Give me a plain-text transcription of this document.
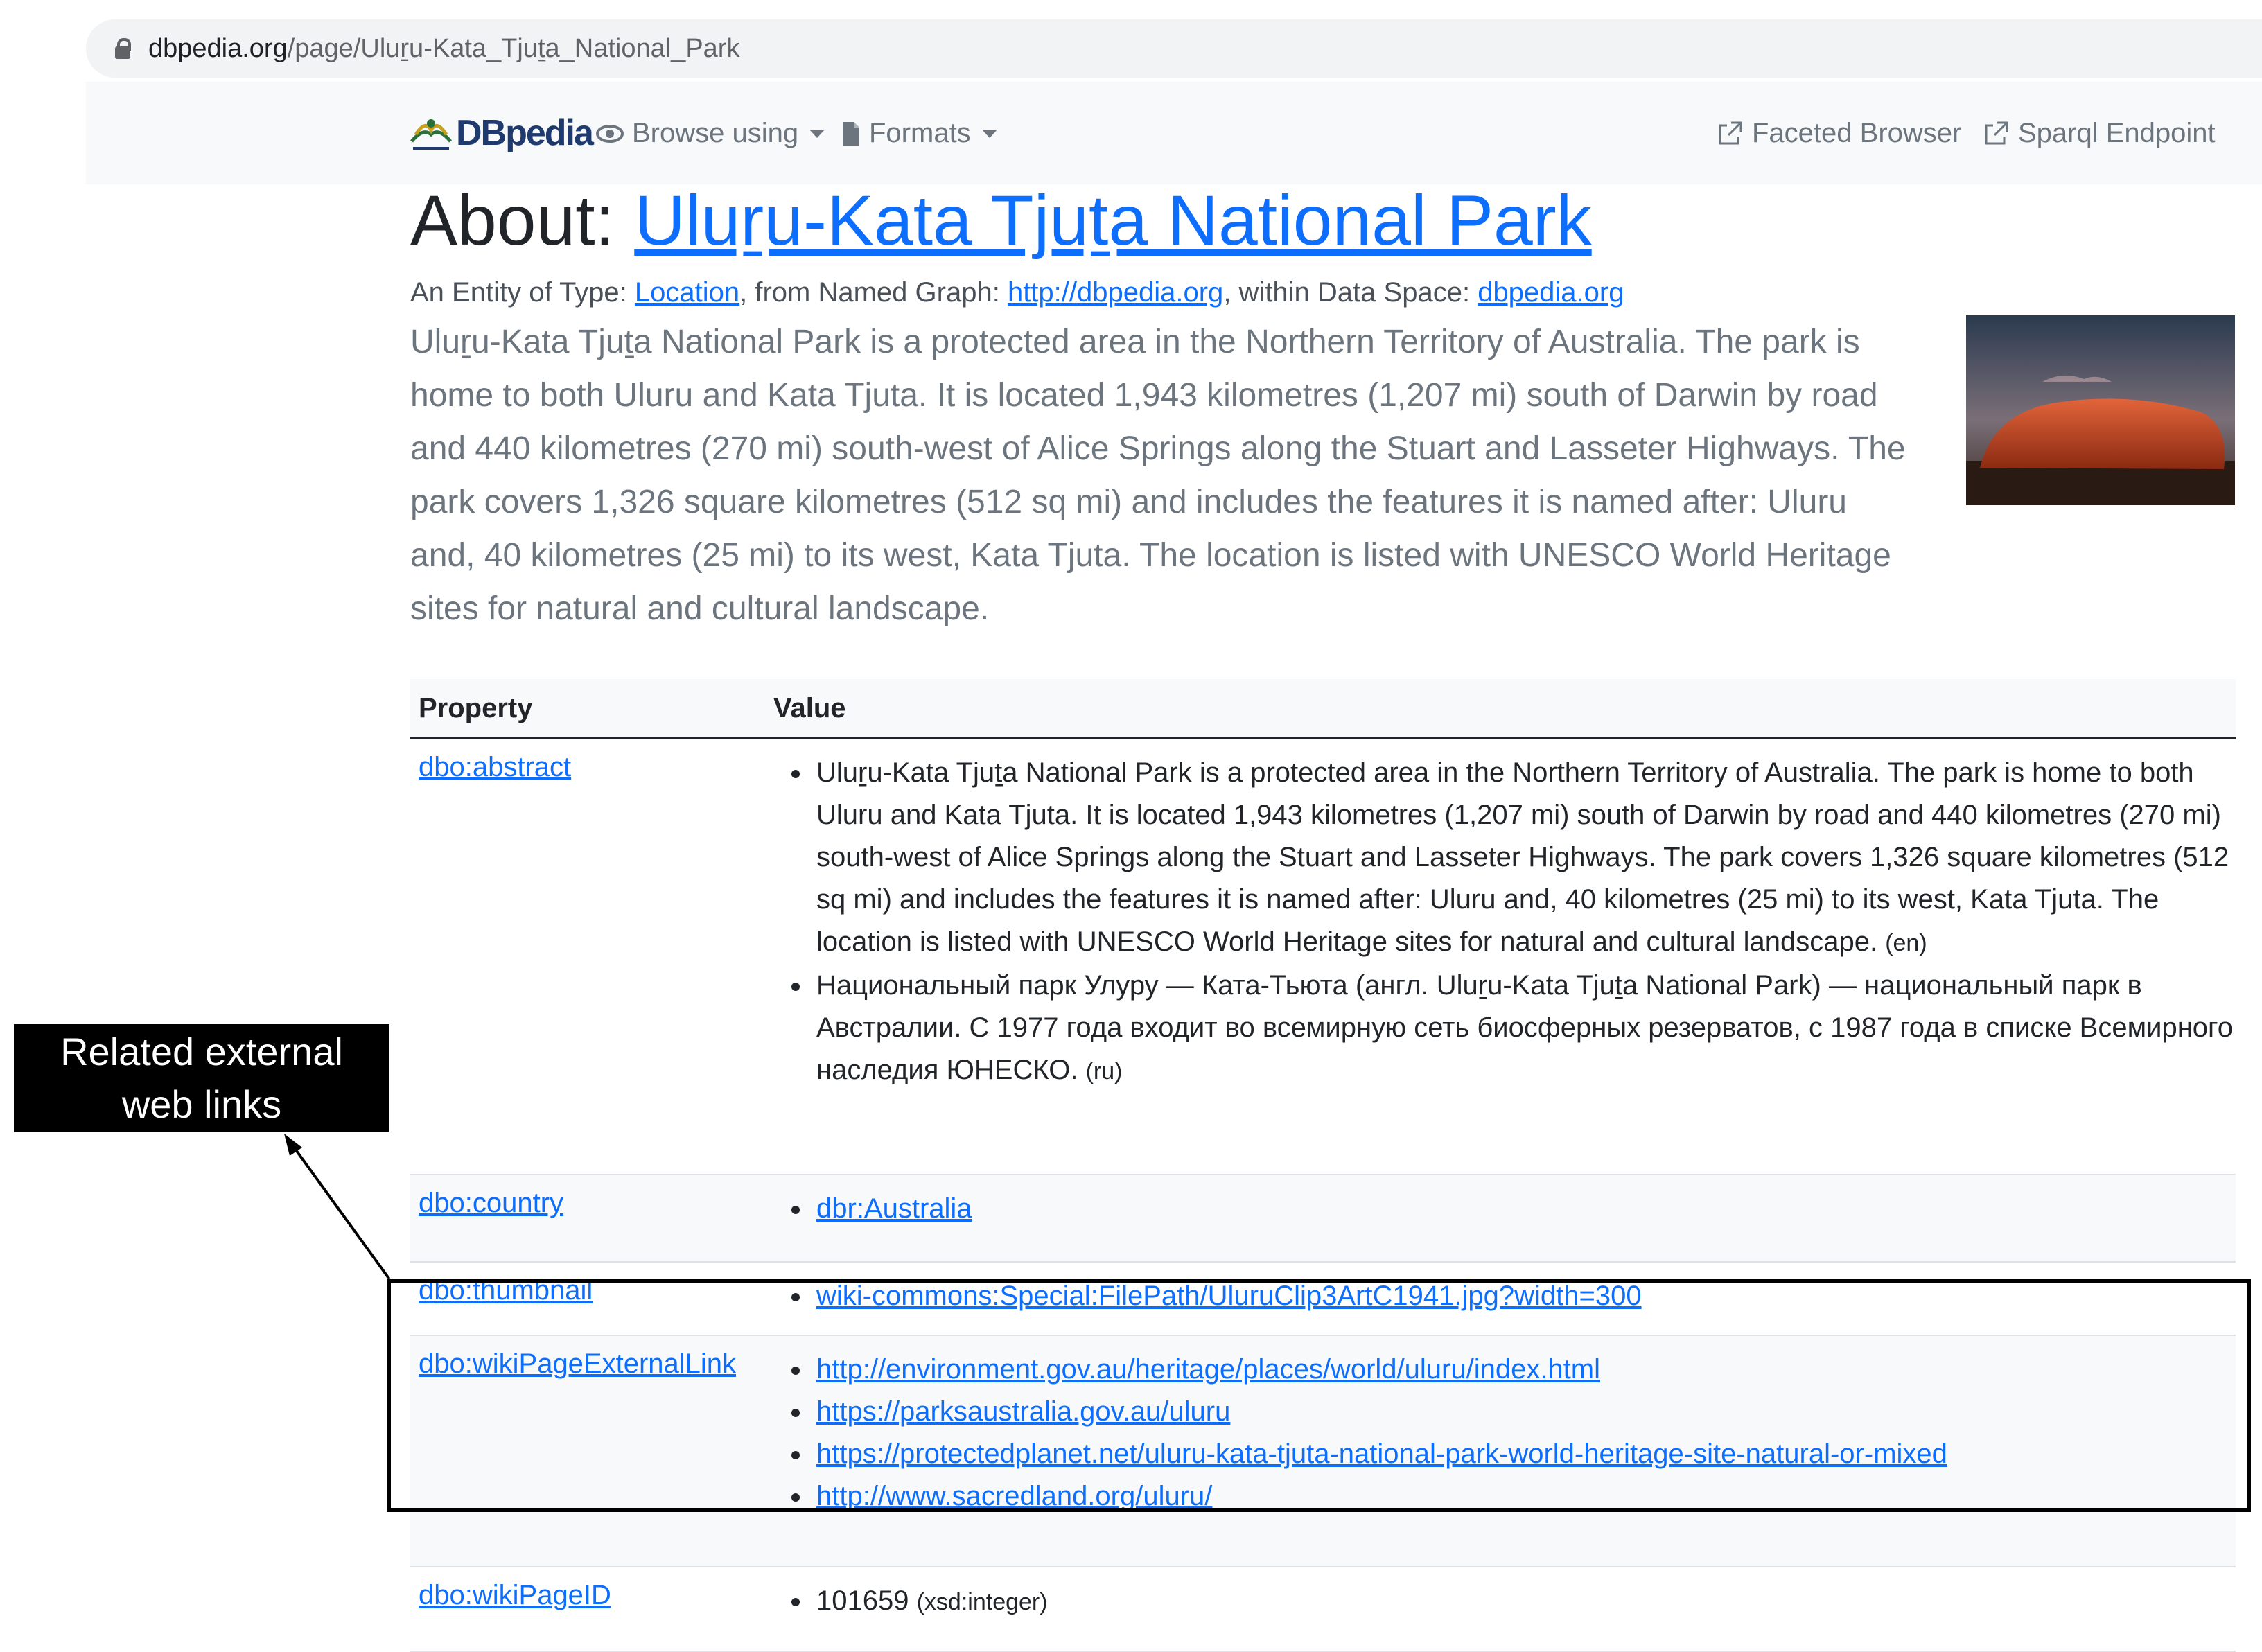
dbpedia.org/page/Uluṟu-Kata_Tjuṯa_National_Park
DBpedia Browse using	Formats	Faceted Browser Sparql Endpoint
About: Uluṟu-Kata Tjuṯa National Park
An Entity of Type: Location, from Named Graph: http://dbpedia.org, within Data Space: dbpedia.org
Uluṟu-Kata Tjuṯa National Park is a protected area in the Northern Territory of Australia. The park is home to both Uluru and Kata Tjuta. It is located 1,943 kilometres (1,207 mi) south of Darwin by road and 440 kilometres (270 mi) south-west of Alice Springs along the Stuart and Lasseter Highways. The park covers 1,326 square kilometres (512 sq mi) and includes the features it is named after: Uluru and, 40 kilometres (25 mi) to its west, Kata Tjuta. The location is listed with UNESCO World Heritage sites for natural and cultural landscape.
Property	Value
dbo:abstract	• Uluṟu-Kata Tjuṯa National Park is a protected area in the Northern Territory of Australia. The park is home to both Uluru and Kata Tjuta. It is located 1,943 kilometres (1,207 mi) south of Darwin by road and 440 kilometres (270 mi) south-west of Alice Springs along the Stuart and Lasseter Highways. The park covers 1,326 square kilometres (512 sq mi) and includes the features it is named after: Uluru and, 40 kilometres (25 mi) to its west, Kata Tjuta. The location is listed with UNESCO World Heritage sites for natural and cultural landscape. (en)
• Национальный парк Улуру — Ката-Тьюта (англ. Uluṟu-Kata Tjuṯa National Park) — национальный парк в Австралии. С 1977 года входит во всемирную сеть биосферных резерватов, с 1987 года в списке Всемирного наследия ЮНЕСКО. (ru)
dbo:country	• dbr:Australia
dbo:thumbnail	• wiki-commons:Special:FilePath/UluruClip3ArtC1941.jpg?width=300
dbo:wikiPageExternalLink	• http://environment.gov.au/heritage/places/world/uluru/index.html
• https://parksaustralia.gov.au/uluru
• https://protectedplanet.net/uluru-kata-tjuta-national-park-world-heritage-site-natural-or-mixed
• http://www.sacredland.org/uluru/
dbo:wikiPageID	• 101659 (xsd:integer)
Related external
web links
